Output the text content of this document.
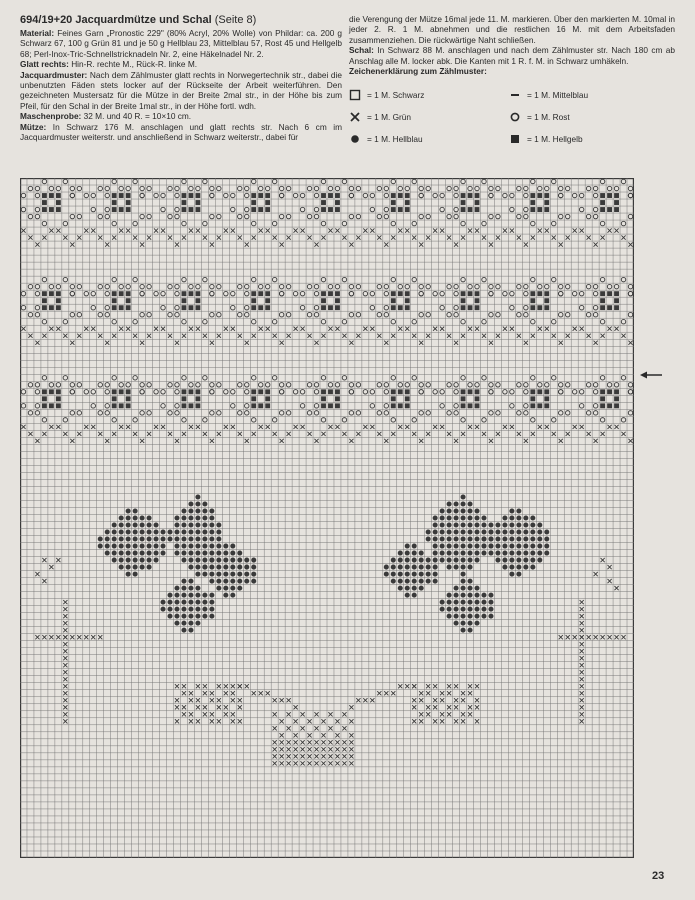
694/19+20 Jacquardmütze und Schal (Seite 8)

Material: Feines Garn „Pronostic 229" (80% Acryl, 20% Wolle) von Phildar: ca. 200 g Schwarz 67, 100 g Grün 81 und je 50 g Hellblau 23, Mittelblau 57, Rost 45 und Hellgelb 68; Perl-Inox-Tric-Schnellstricknadeln Nr. 2, eine Häkelnadel Nr. 2.

Glatt rechts: Hin-R. rechte M., Rück-R. linke M.

Jacquardmuster: Nach dem Zählmuster glatt rechts in Norwegertechnik str., dabei die unbenutzten Fäden stets locker auf der Rückseite der Arbeit weiterführen. Den gezeichneten Mustersatz für die Mütze in der Breite 2mal str., in der Höhe bis zum Pfeil, für den Schal in der Breite 1mal str., in der Höhe fortl. wdh.

Maschenprobe: 32 M. und 40 R. = 10×10 cm.

Mütze: In Schwarz 176 M. anschlagen und glatt rechts str. Nach 6 cm im Jacquardmuster weiterstr. und anschließend in Schwarz weiterstr., dabei für

die Verengung der Mütze 16mal jede 11. M. markieren. Über den markierten M. 10mal in jeder 2. R. 1 M. abnehmen und die restlichen 16 M. mit dem Arbeitsfaden zusammenziehen. Die rückwärtige Naht schließen.

Schal: In Schwarz 88 M. anschlagen und nach dem Zählmuster str. Nach 180 cm ab Anschlag alle M. locker abk. Die Kanten mit 1 R. f. M. in Schwarz umhäkeln.

Zeichenerklärung zum Zählmuster:
= 1 M. Schwarz	= 1 M. Mittelblau
= 1 M. Grün	= 1 M. Rost
= 1 M. Hellblau	= 1 M. Hellgelb
23
